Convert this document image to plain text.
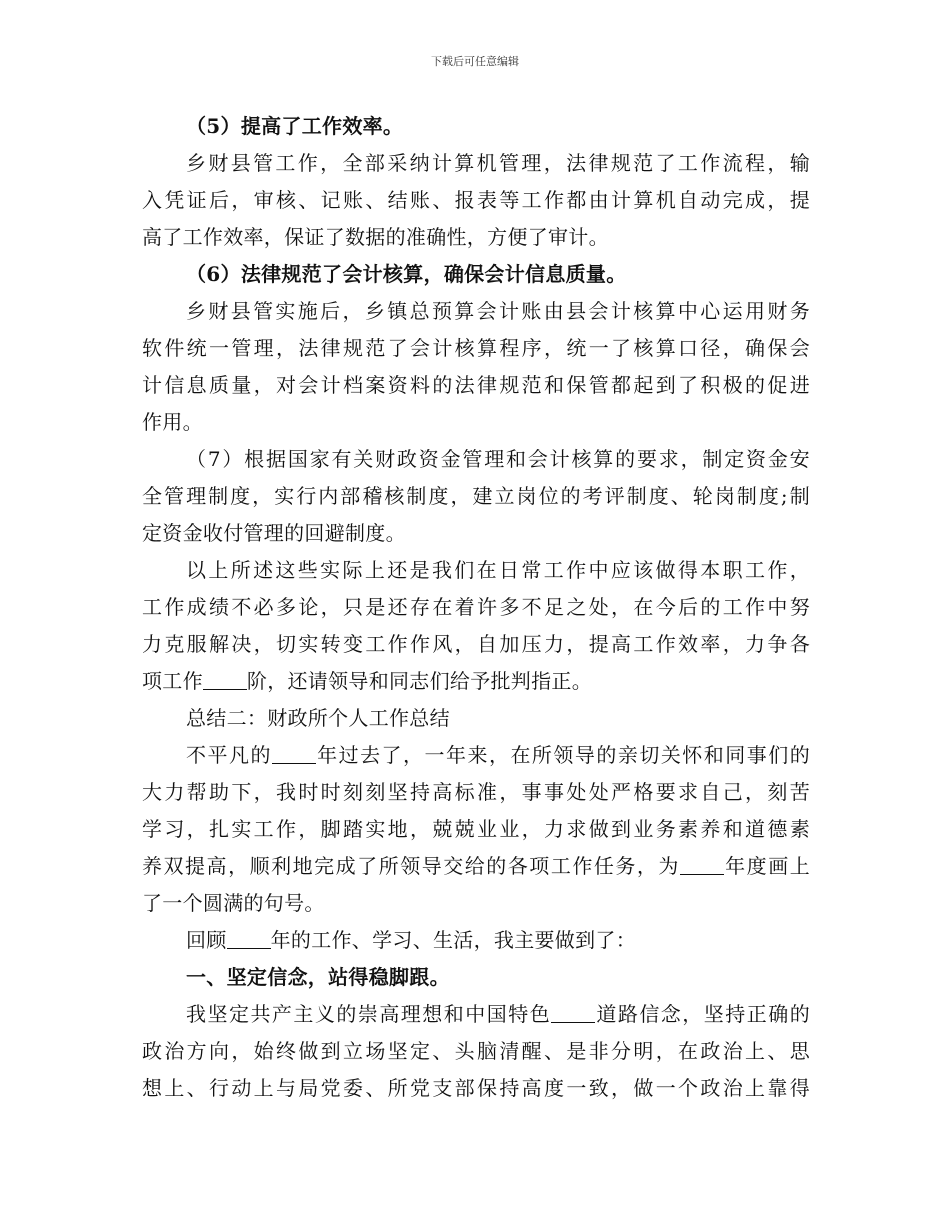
下载后可任意编辑
（5）提高了工作效率。
乡财县管工作，全部采纳计算机管理，法律规范了工作流程，输
入凭证后，审核、记账、结账、报表等工作都由计算机自动完成，提
高了工作效率，保证了数据的准确性，方便了审计。
（6）法律规范了会计核算，确保会计信息质量。
乡财县管实施后，乡镇总预算会计账由县会计核算中心运用财务
软件统一管理，法律规范了会计核算程序，统一了核算口径，确保会
计信息质量，对会计档案资料的法律规范和保管都起到了积极的促进
作用。
（7）根据国家有关财政资金管理和会计核算的要求，制定资金安
全管理制度，实行内部稽核制度，建立岗位的考评制度、轮岗制度;制
定资金收付管理的回避制度。
以上所述这些实际上还是我们在日常工作中应该做得本职工作，
工作成绩不必多论，只是还存在着许多不足之处，在今后的工作中努
力克服解决，切实转变工作作风，自加压力，提高工作效率，力争各
项工作 阶，还请领导和同志们给予批判指正。
总结二：财政所个人工作总结
不平凡的 年过去了，一年来，在所领导的亲切关怀和同事们的
大力帮助下，我时时刻刻坚持高标准，事事处处严格要求自己，刻苦
学习，扎实工作，脚踏实地，兢兢业业，力求做到业务素养和道德素
养双提高，顺利地完成了所领导交给的各项工作任务，为 年度画上
了一个圆满的句号。
回顾 年的工作、学习、生活，我主要做到了：
一、坚定信念，站得稳脚跟。
我坚定共产主义的崇高理想和中国特色 道路信念，坚持正确的
政治方向，始终做到立场坚定、头脑清醒、是非分明，在政治上、思
想上、行动上与局党委、所党支部保持高度一致，做一个政治上靠得
